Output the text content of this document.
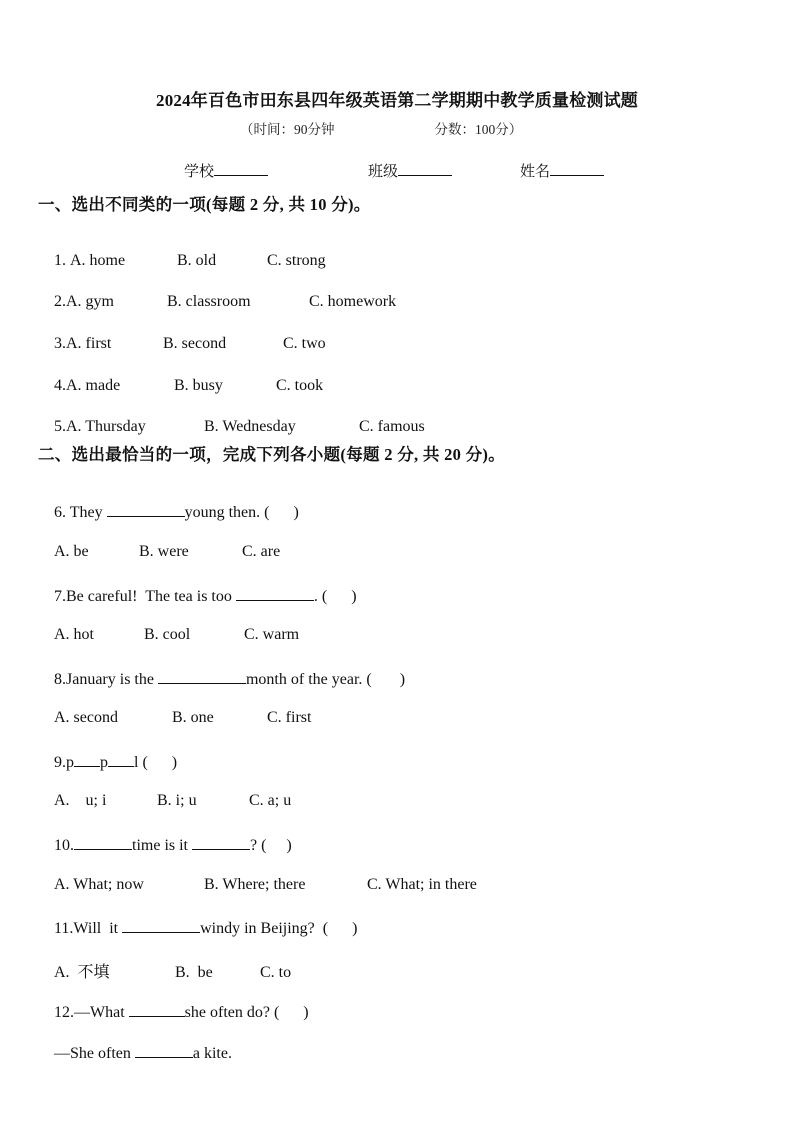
2024年百色市田东县四年级英语第二学期期中教学质量检测试题
（时间：90分钟	分数：100分）
学校	班级	姓名
一、选出不同类的一项(每题 2 分, 共 10 分)。

1. A. home	B. old	C. strong

2.A. gym	B. classroom	C. homework

3.A. first	B. second	C. two

4.A. made	B. busy	C. took

5.A. Thursday	B. Wednesday	C. famous

二、选出最恰当的一项，完成下列各小题(每题 2 分, 共 20 分)。

6. They	young then. (      )

A. be	B. were	C. are

7.Be careful!  The tea is too	. (      )

A. hot	B. cool	C. warm

8.January is the	month of the year. (       )

A. second	B. one	C. first

9.p p l (      )

A.    u; i	B. i; u	C. a; u

10.	time is it	? (     )

A. What; now	B. Where; there	C. What; in there

11.Will  it	windy in Beijing?  (      )

A.  不填	B.  be	C. to

12.—What	she often do? (      )

—She often	a kite.
